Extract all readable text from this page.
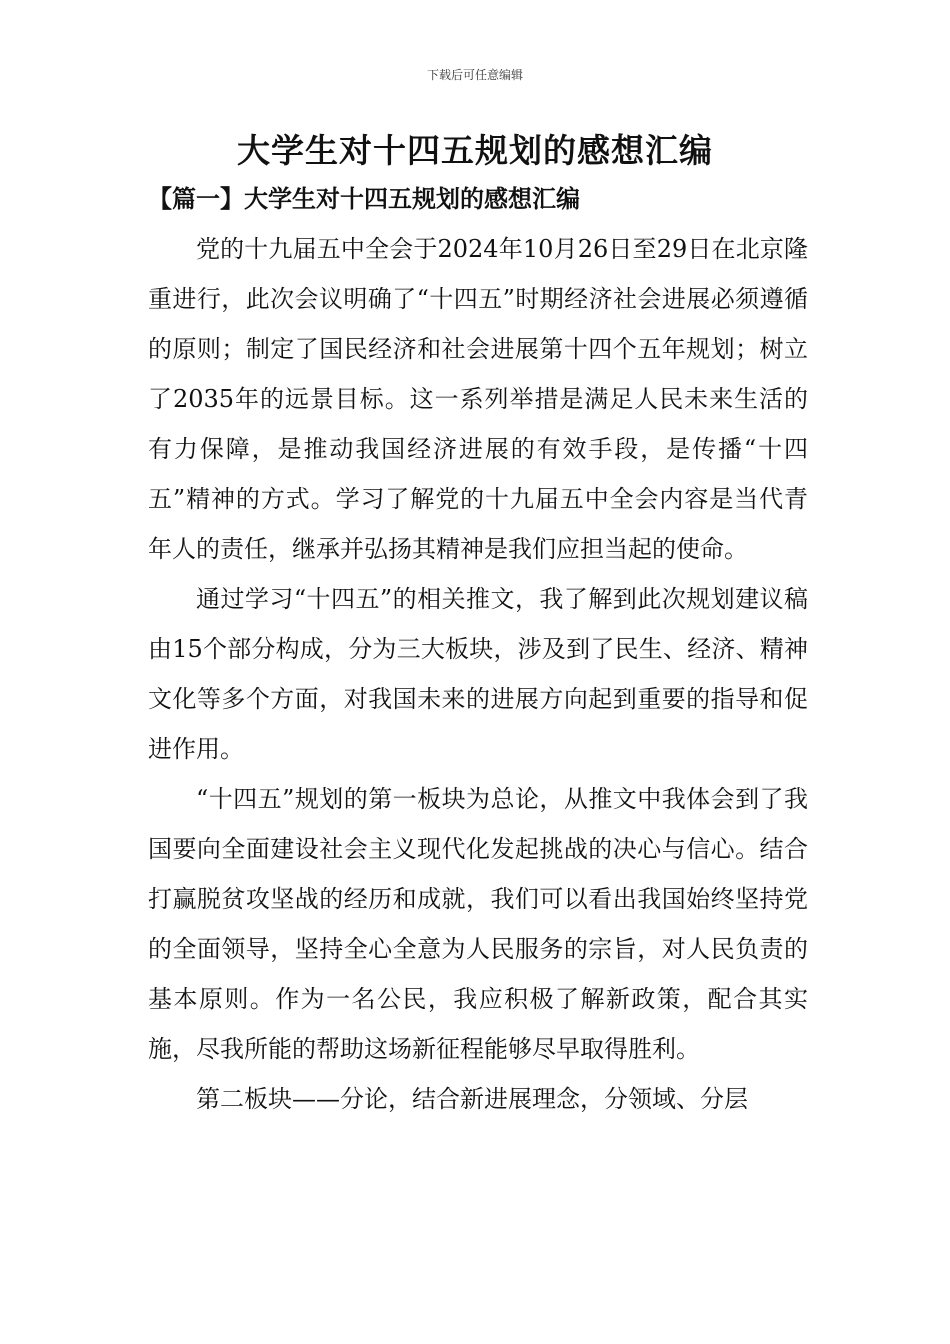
下载后可任意编辑
大学生对十四五规划的感想汇编
【篇一】大学生对十四五规划的感想汇编

党的十九届五中全会于2024年10月26日至29日在北京隆重进行，此次会议明确了“十四五”时期经济社会进展必须遵循的原则；制定了国民经济和社会进展第十四个五年规划；树立了2035年的远景目标。这一系列举措是满足人民未来生活的有力保障，是推动我国经济进展的有效手段，是传播“十四五”精神的方式。学习了解党的十九届五中全会内容是当代青年人的责任，继承并弘扬其精神是我们应担当起的使命。

通过学习“十四五”的相关推文，我了解到此次规划建议稿由15个部分构成，分为三大板块，涉及到了民生、经济、精神文化等多个方面，对我国未来的进展方向起到重要的指导和促进作用。

“十四五”规划的第一板块为总论，从推文中我体会到了我国要向全面建设社会主义现代化发起挑战的决心与信心。结合打赢脱贫攻坚战的经历和成就，我们可以看出我国始终坚持党的全面领导，坚持全心全意为人民服务的宗旨，对人民负责的基本原则。作为一名公民，我应积极了解新政策，配合其实施，尽我所能的帮助这场新征程能够尽早取得胜利。

第二板块——分论，结合新进展理念，分领域、分层
